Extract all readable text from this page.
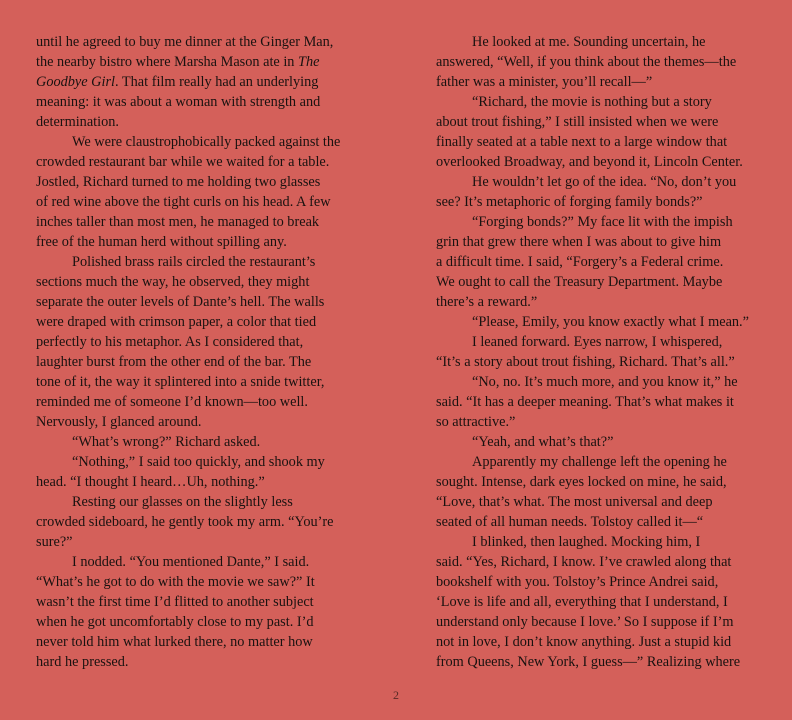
until he agreed to buy me dinner at the Ginger Man,
the nearby bistro where Marsha Mason ate in The
Goodbye Girl. That film really had an underlying
meaning: it was about a woman with strength and
determination.
We were claustrophobically packed against the
crowded restaurant bar while we waited for a table.
Jostled, Richard turned to me holding two glasses
of red wine above the tight curls on his head. A few
inches taller than most men, he managed to break
free of the human herd without spilling any.
Polished brass rails circled the restaurant’s
sections much the way, he observed, they might
separate the outer levels of Dante’s hell. The walls
were draped with crimson paper, a color that tied
perfectly to his metaphor. As I considered that,
laughter burst from the other end of the bar. The
tone of it, the way it splintered into a snide twitter,
reminded me of someone I’d known—too well.
Nervously, I glanced around.
“What’s wrong?” Richard asked.
“Nothing,” I said too quickly, and shook my
head. “I thought I heard…Uh, nothing.”
Resting our glasses on the slightly less
crowded sideboard, he gently took my arm. “You’re
sure?”
I nodded. “You mentioned Dante,” I said.
“What’s he got to do with the movie we saw?” It
wasn’t the first time I’d flitted to another subject
when he got uncomfortably close to my past. I’d
never told him what lurked there, no matter how
hard he pressed.
He looked at me. Sounding uncertain, he
answered, “Well, if you think about the themes—the
father was a minister, you’ll recall—”
“Richard, the movie is nothing but a story
about trout fishing,” I still insisted when we were
finally seated at a table next to a large window that
overlooked Broadway, and beyond it, Lincoln Center.
He wouldn’t let go of the idea. “No, don’t you
see? It’s metaphoric of forging family bonds?”
“Forging bonds?” My face lit with the impish
grin that grew there when I was about to give him
a difficult time. I said, “Forgery’s a Federal crime.
We ought to call the Treasury Department. Maybe
there’s a reward.”
“Please, Emily, you know exactly what I mean.”
I leaned forward. Eyes narrow, I whispered,
“It’s a story about trout fishing, Richard. That’s all.”
“No, no. It’s much more, and you know it,” he
said. “It has a deeper meaning. That’s what makes it
so attractive.”
“Yeah, and what’s that?”
Apparently my challenge left the opening he
sought. Intense, dark eyes locked on mine, he said,
“Love, that’s what. The most universal and deep
seated of all human needs. Tolstoy called it—“
I blinked, then laughed. Mocking him, I
said. “Yes, Richard, I know. I’ve crawled along that
bookshelf with you. Tolstoy’s Prince Andrei said,
‘Love is life and all, everything that I understand, I
understand only because I love.’ So I suppose if I’m
not in love, I don’t know anything. Just a stupid kid
from Queens, New York, I guess—” Realizing where
2
